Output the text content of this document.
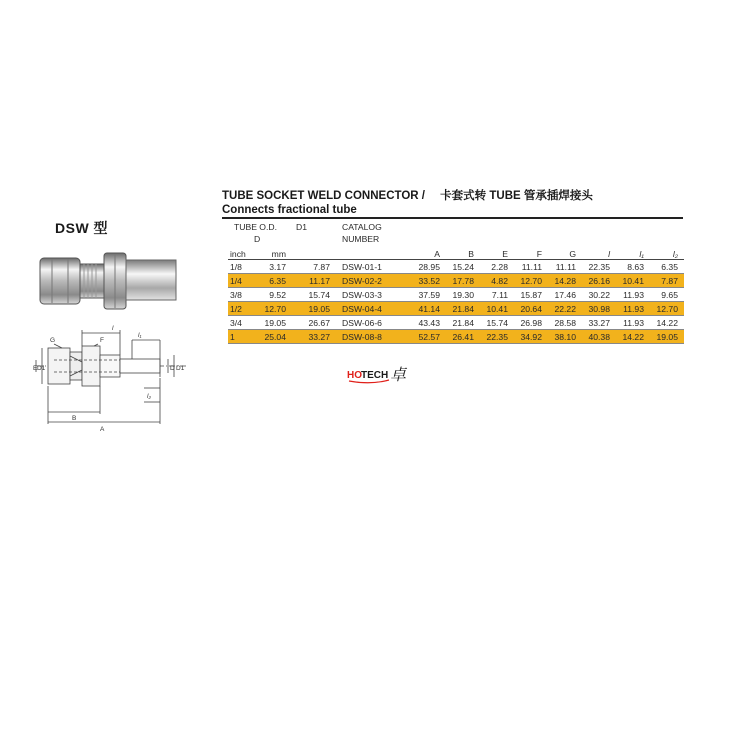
DSW 型
G	F
l
l₁
l₂
E D1	D D1
B
A
TUBE SOCKET WELD CONNECTOR / 卡套式转 TUBE 管承插焊接头
Connects fractional tube
TUBE O.D.		D1	CATALOG								
D			NUMBER								
inch	mm			A	B	E	F	G	l	l₁	l₂
1/8	3.17	7.87	DSW-01-1	28.95	15.24	2.28	11.11	11.11	22.35	8.63	6.35
1/4	6.35	11.17	DSW-02-2	33.52	17.78	4.82	12.70	14.28	26.16	10.41	7.87
3/8	9.52	15.74	DSW-03-3	37.59	19.30	7.11	15.87	17.46	30.22	11.93	9.65
1/2	12.70	19.05	DSW-04-4	41.14	21.84	10.41	20.64	22.22	30.98	11.93	12.70
3/4	19.05	26.67	DSW-06-6	43.43	21.84	15.74	26.98	28.58	33.27	11.93	14.22
1	25.04	33.27	DSW-08-8	52.57	26.41	22.35	34.92	38.10	40.38	14.22	19.05
HO TECH 卓
